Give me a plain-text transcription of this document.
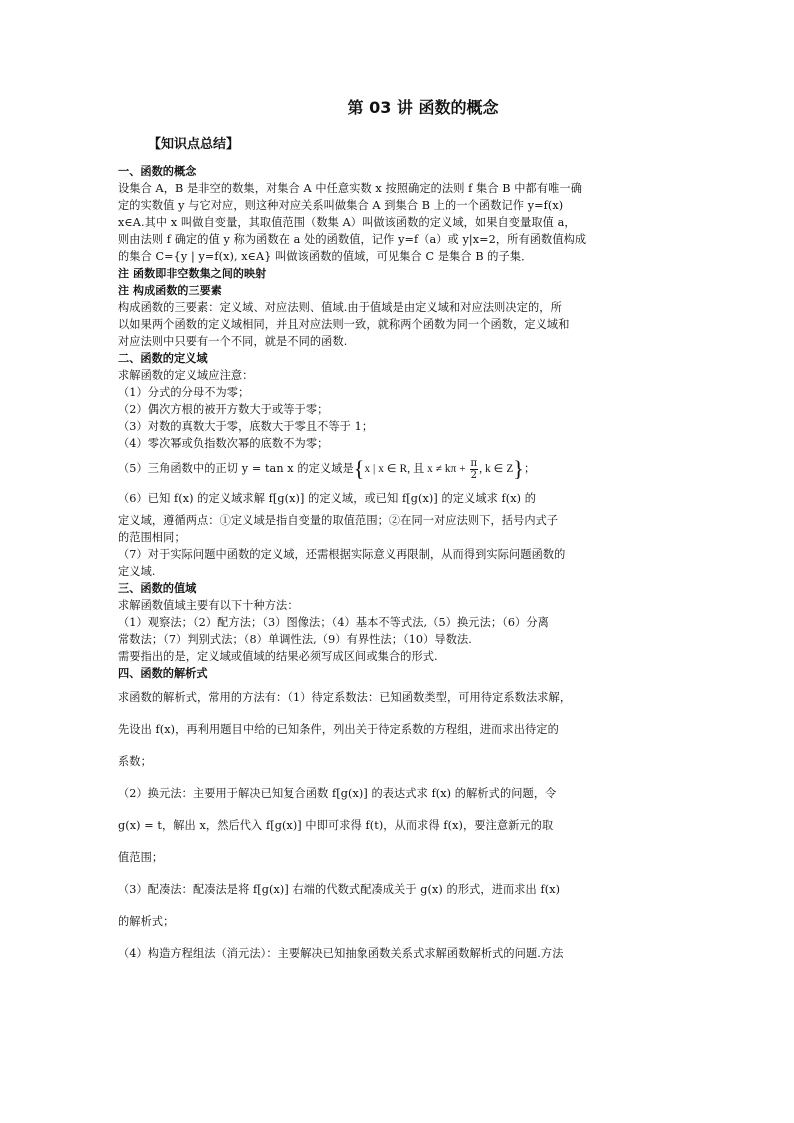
第 03 讲 函数的概念
【知识点总结】

一、函数的概念

设集合 A，B 是非空的数集，对集合 A 中任意实数 x 按照确定的法则 f 集合 B 中都有唯一确

定的实数值 y 与它对应，则这种对应关系叫做集合 A 到集合 B 上的一个函数记作 y=f(x)

x∈A.其中 x 叫做自变量，其取值范围（数集 A）叫做该函数的定义域，如果自变量取值 a，

则由法则 f 确定的值 y 称为函数在 a 处的函数值，记作 y=f（a）或 y|x=2，所有函数值构成

的集合 C={y | y=f(x), x∈A} 叫做该函数的值域，可见集合 C 是集合 B 的子集．

注 函数即非空数集之间的映射

注 构成函数的三要素

构成函数的三要素：定义域、对应法则、值域.由于值域是由定义域和对应法则决定的，所

以如果两个函数的定义域相同，并且对应法则一致，就称两个函数为同一个函数，定义域和

对应法则中只要有一个不同，就是不同的函数.

二、函数的定义域

求解函数的定义域应注意：

（1）分式的分母不为零；

（2）偶次方根的被开方数大于或等于零；

（3）对数的真数大于零，底数大于零且不等于 1；

（4）零次幂或负指数次幂的底数不为零；

（5）三角函数中的正切 y = tan x 的定义域是{x | x ∈ R, 且 $x \ne k\pi + \frac{\pi}{2}$ , k ∈ Z}；

（6）已知 f(x) 的定义域求解 f[g(x)] 的定义域，或已知 f[g(x)] 的定义域求 f(x) 的

定义域，遵循两点：①定义域是指自变量的取值范围；②在同一对应法则下，括号内式子

的范围相同；

（7）对于实际问题中函数的定义域，还需根据实际意义再限制，从而得到实际问题函数的

定义域.

三、函数的值域

求解函数值域主要有以下十种方法：

（1）观察法；（2）配方法；（3）图像法；（4）基本不等式法,（5）换元法；（6）分离

常数法；（7）判别式法；（8）单调性法,（9）有界性法；（10）导数法.

需要指出的是，定义域或值域的结果必须写成区间或集合的形式.

四、函数的解析式

求函数的解析式，常用的方法有：（1）待定系数法：已知函数类型，可用待定系数法求解，

先设出 f(x)，再利用题目中给的已知条件，列出关于待定系数的方程组，进而求出待定的

系数；

（2）换元法：主要用于解决已知复合函数 f[g(x)] 的表达式求 f(x) 的解析式的问题，令

g(x) = t，解出 x，然后代入 f[g(x)] 中即可求得 f(t)，从而求得 f(x)，要注意新元的取

值范围；

（3）配凑法：配凑法是将 f[g(x)] 右端的代数式配凑成关于 g(x) 的形式，进而求出 f(x)

的解析式；

（4）构造方程组法（消元法）：主要解决已知抽象函数关系式求解函数解析式的问题.方法
